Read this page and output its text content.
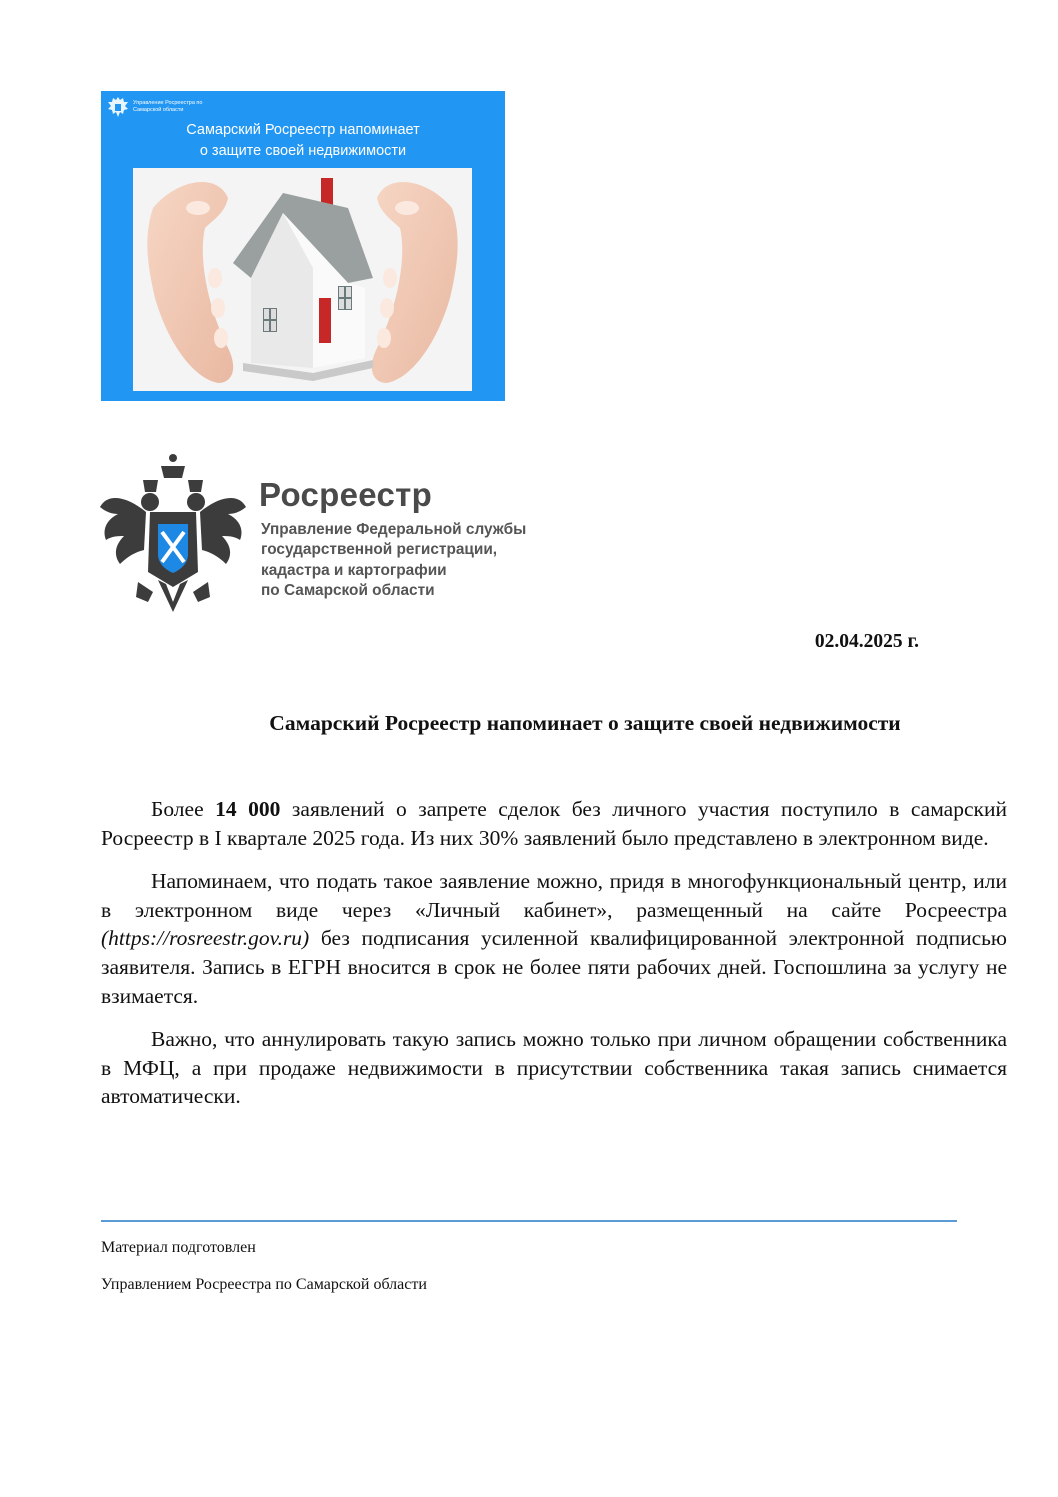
Управление Росреестра по Самарской области
Самарский Росреестр напоминает
о защите своей недвижимости
Росреестр
Управление Федеральной службы
государственной регистрации,
кадастра и картографии
по Самарской области
02.04.2025 г.
Самарский Росреестр напоминает о защите своей недвижимости

Более 14 000 заявлений о запрете сделок без личного участия поступило в самарский Росреестр в I квартале 2025 года. Из них 30% заявлений было представлено в электронном виде.

Напоминаем, что подать такое заявление можно, придя в многофункциональный центр, или в электронном виде через «Личный кабинет», размещенный на сайте Росреестра (https://rosreestr.gov.ru) без подписания усиленной квалифицированной электронной подписью заявителя. Запись в ЕГРН вносится в срок не более пяти рабочих дней. Госпошлина за услугу не взимается.

Важно, что аннулировать такую запись можно только при личном обращении собственника в МФЦ, а при продаже недвижимости в присутствии собственника такая запись снимается автоматически.

Материал подготовлен
Управлением Росреестра по Самарской области
